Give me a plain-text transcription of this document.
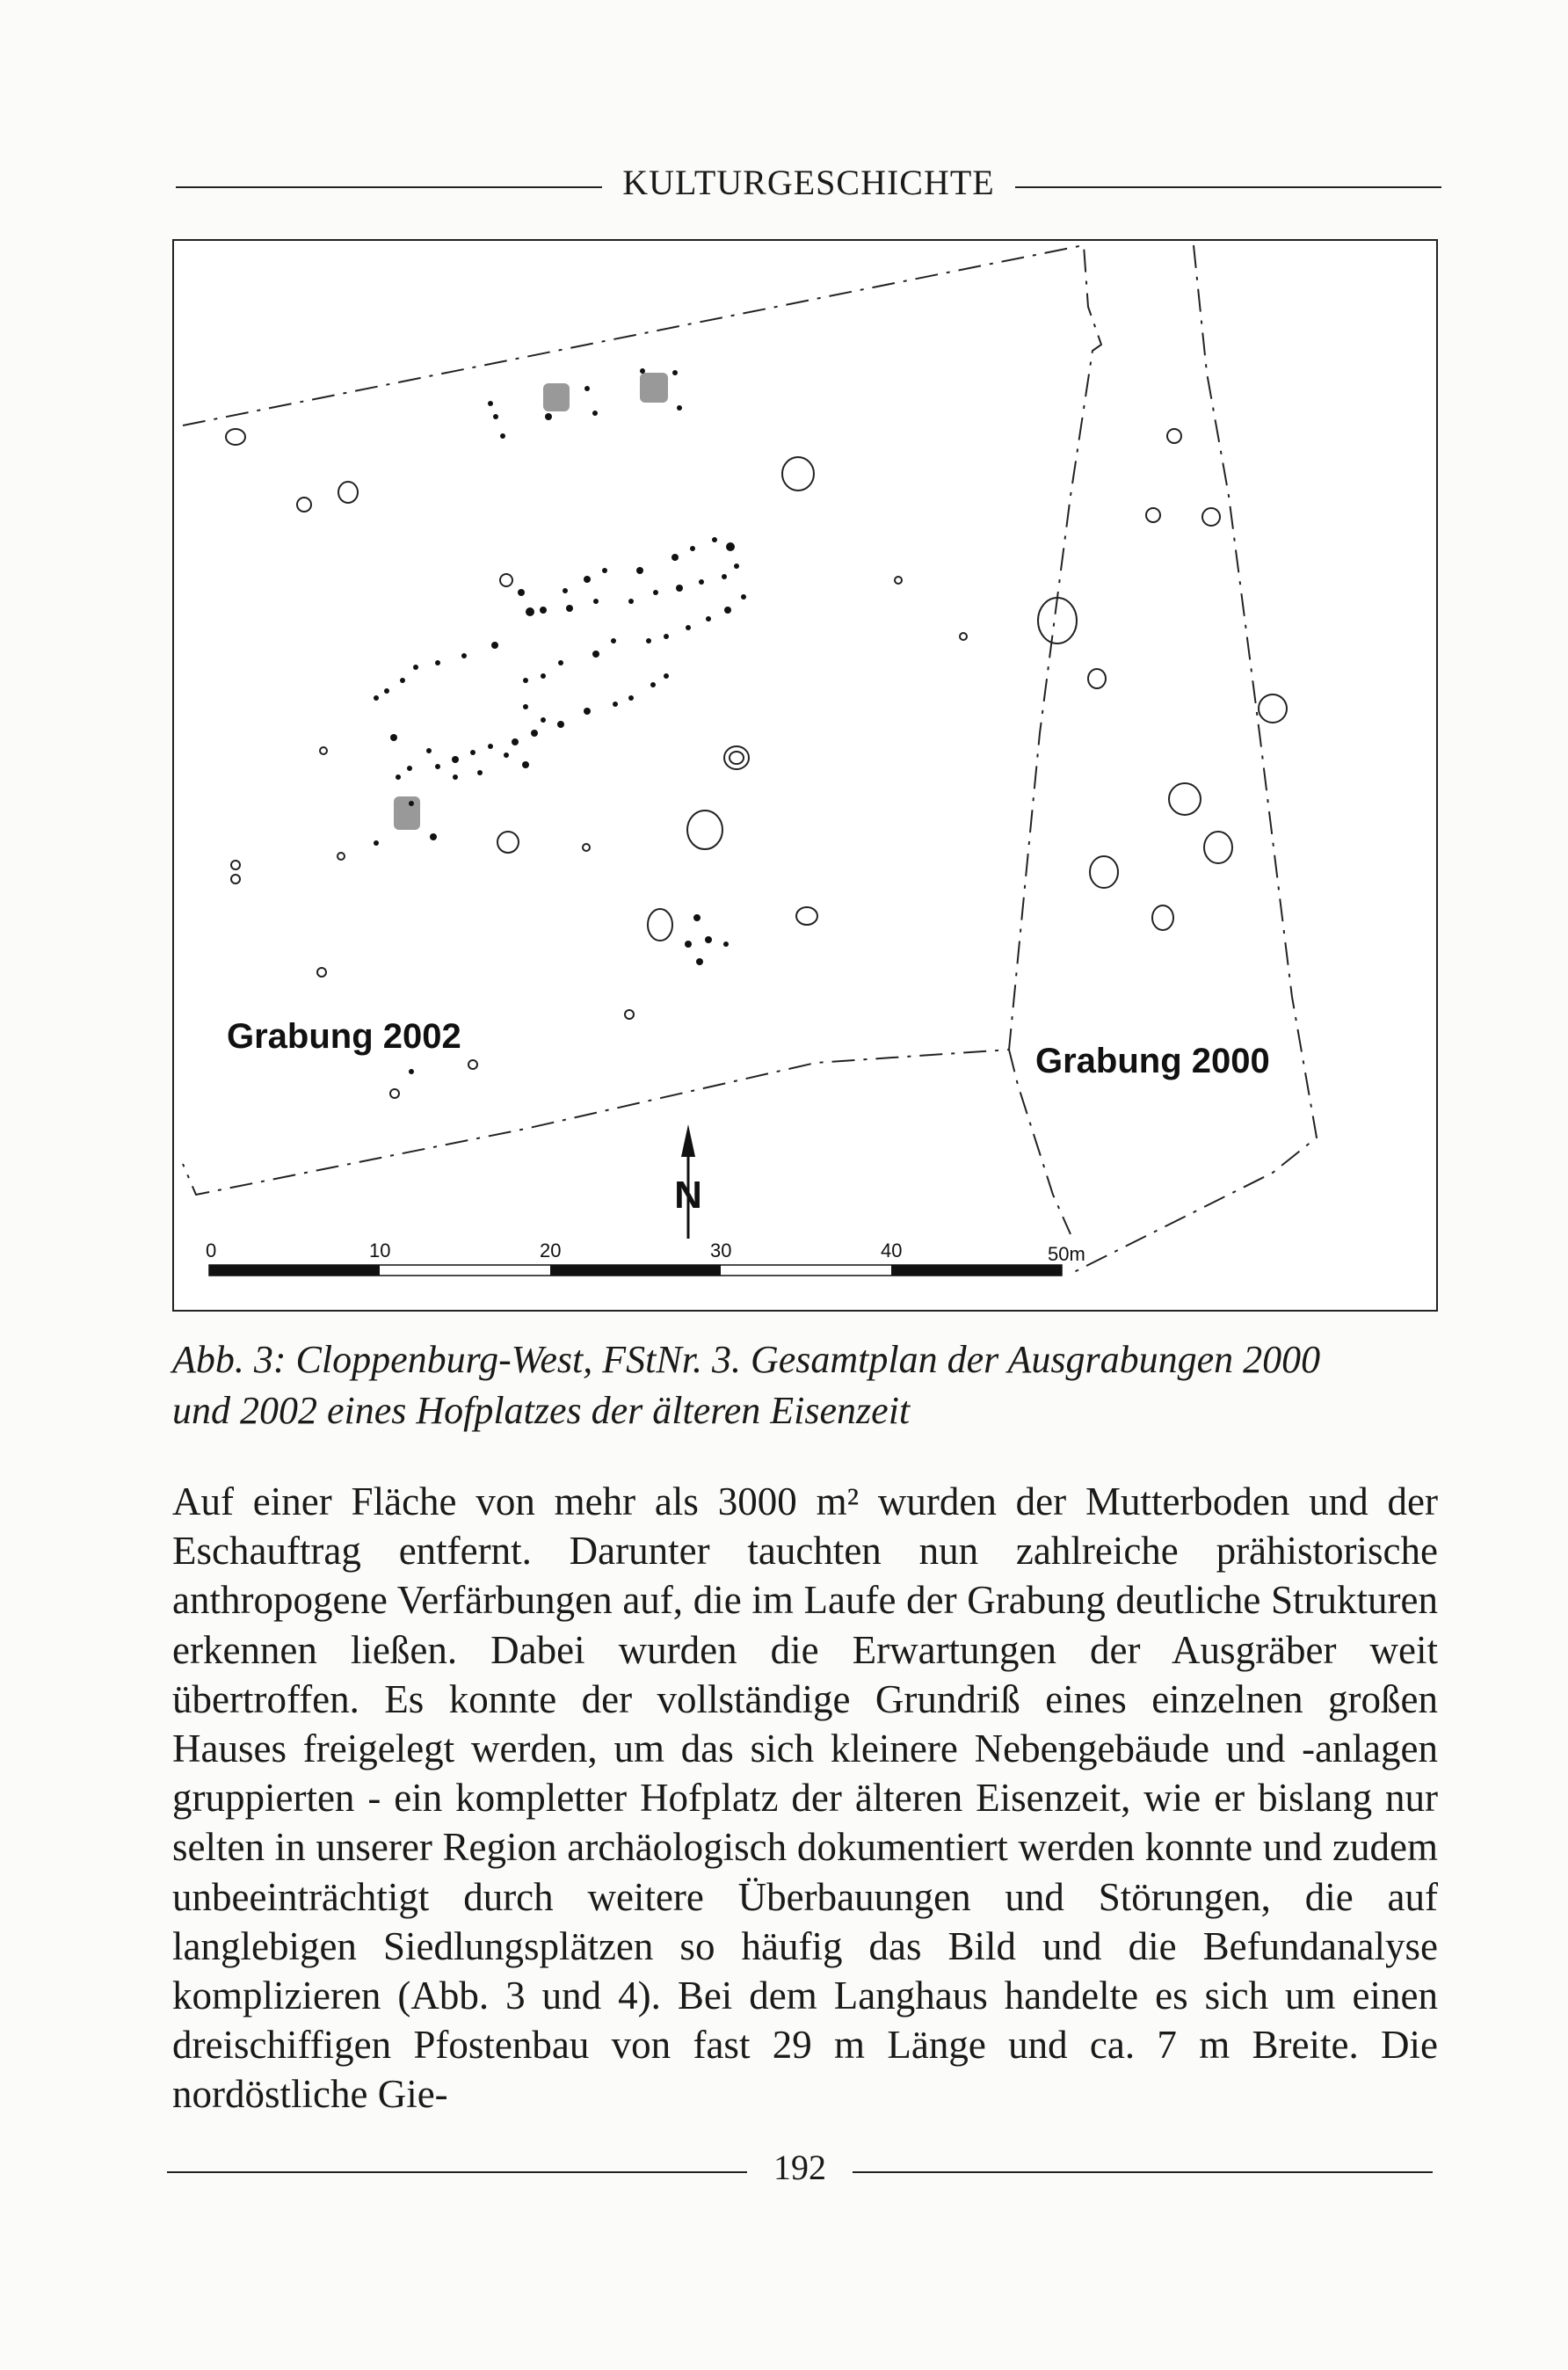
KULTURGESCHICHTE
N
Grabung 2002
Grabung 2000
0	10	20	30	40	50m
Abb. 3: Cloppenburg-West, FStNr. 3. Gesamtplan der Ausgrabungen 2000
und 2002 eines Hofplatzes der älteren Eisenzeit

Auf einer Fläche von mehr als 3000 m² wurden der Mutterboden und der Eschauftrag entfernt. Darunter tauchten nun zahlreiche prähistorische anthropogene Verfärbungen auf, die im Laufe der Grabung deutliche Strukturen erkennen ließen. Dabei wurden die Erwartungen der Ausgräber weit übertroffen. Es konnte der vollständige Grundriß eines einzelnen großen Hauses freigelegt werden, um das sich kleinere Nebengebäude und -anlagen gruppierten - ein kompletter Hofplatz der älteren Eisenzeit, wie er bislang nur selten in unserer Region archäologisch dokumentiert werden konnte und zudem unbeeinträchtigt durch weitere Überbauungen und Störungen, die auf langlebigen Siedlungsplätzen so häufig das Bild und die Befundanalyse komplizieren (Abb. 3 und 4). Bei dem Langhaus handelte es sich um einen dreischiffigen Pfostenbau von fast 29 m Länge und ca. 7 m Breite. Die nordöstliche Gie-

192
